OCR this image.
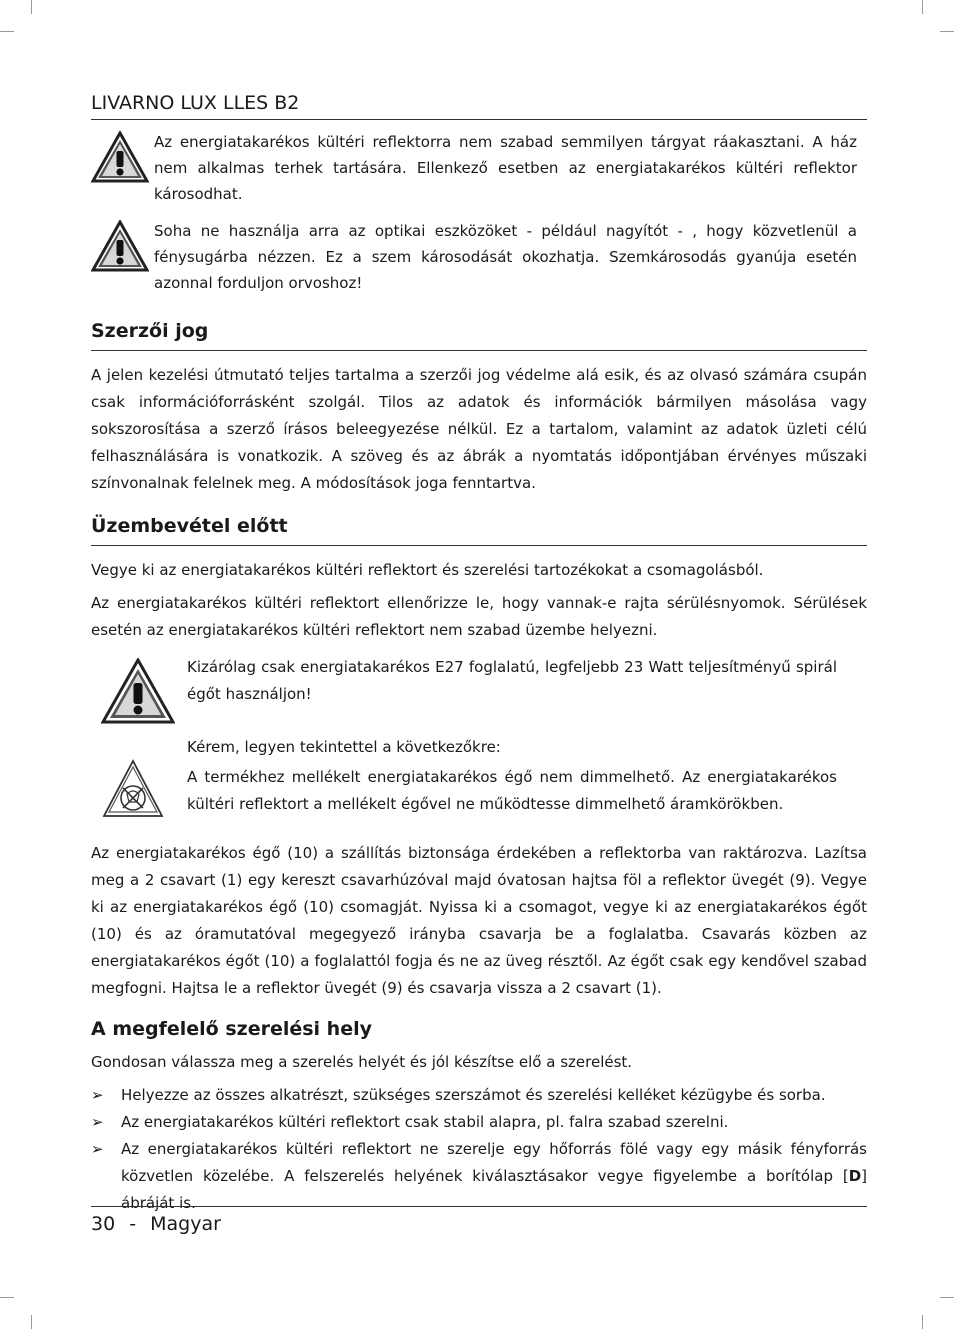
LIVARNO LUX LLES B2

Az energiatakarékos kültéri reflektorra nem szabad semmilyen tárgyat ráakasztani. A ház nem alkalmas terhek tartására. Ellenkező esetben az energiatakarékos kültéri reflektor károsodhat.

Soha ne használja arra az optikai eszközöket - például nagyítót - , hogy közvetlenül a fénysugárba nézzen. Ez a szem károsodását okozhatja. Szemkárosodás gyanúja esetén azonnal forduljon orvoshoz!

Szerzői jog

A jelen kezelési útmutató teljes tartalma a szerzői jog védelme alá esik, és az olvasó számára csupán csak információforrásként szolgál. Tilos az adatok és információk bármilyen másolása vagy sokszorosítása a szerző írásos beleegyezése nélkül. Ez a tartalom, valamint az adatok üzleti célú felhasználására is vonatkozik. A szöveg és az ábrák a nyomtatás időpontjában érvényes műszaki színvonalnak felelnek meg. A módosítások joga fenntartva.

Üzembevétel előtt

Vegye ki az energiatakarékos kültéri reflektort és szerelési tartozékokat a csomagolásból.

Az energiatakarékos kültéri reflektort ellenőrizze le, hogy vannak-e rajta sérülésnyomok. Sérülések esetén az energiatakarékos kültéri reflektort nem szabad üzembe helyezni.

Kizárólag csak energiatakarékos E27 foglalatú, legfeljebb 23 Watt teljesítményű spirál égőt használjon!

Kérem, legyen tekintettel a következőkre:

A termékhez mellékelt energiatakarékos égő nem dimmelhető. Az energiatakarékos kültéri reflektort a mellékelt égővel ne működtesse dimmelhető áramkörökben.

Az energiatakarékos égő (10) a szállítás biztonsága érdekében a reflektorba van raktározva. Lazítsa meg a 2 csavart (1) egy kereszt csavarhúzóval majd óvatosan hajtsa föl a reflektor üvegét (9). Vegye ki az energiatakarékos égő (10) csomagját. Nyissa ki a csomagot, vegye ki az energiatakarékos égőt (10) és az óramutatóval megegyező irányba csavarja be a foglalatba. Csavarás közben az energiatakarékos égőt (10) a foglalattól fogja és ne az üveg résztől. Az égőt csak egy kendővel szabad megfogni. Hajtsa le a reflektor üvegét (9) és csavarja vissza a 2 csavart (1).

A megfelelő szerelési hely

Gondosan válassza meg a szerelés helyét és jól készítse elő a szerelést.

➢	Helyezze az összes alkatrészt, szükséges szerszámot és szerelési kelléket kézügybe és sorba.
➢	Az energiatakarékos kültéri reflektort csak stabil alapra, pl. falra szabad szerelni.
➢	Az energiatakarékos kültéri reflektort ne szerelje egy hőforrás fölé vagy egy másik fényforrás közvetlen közelébe. A felszerelés helyének kiválasztásakor vegye figyelembe a borítólap [D] ábráját is.
30 - Magyar
